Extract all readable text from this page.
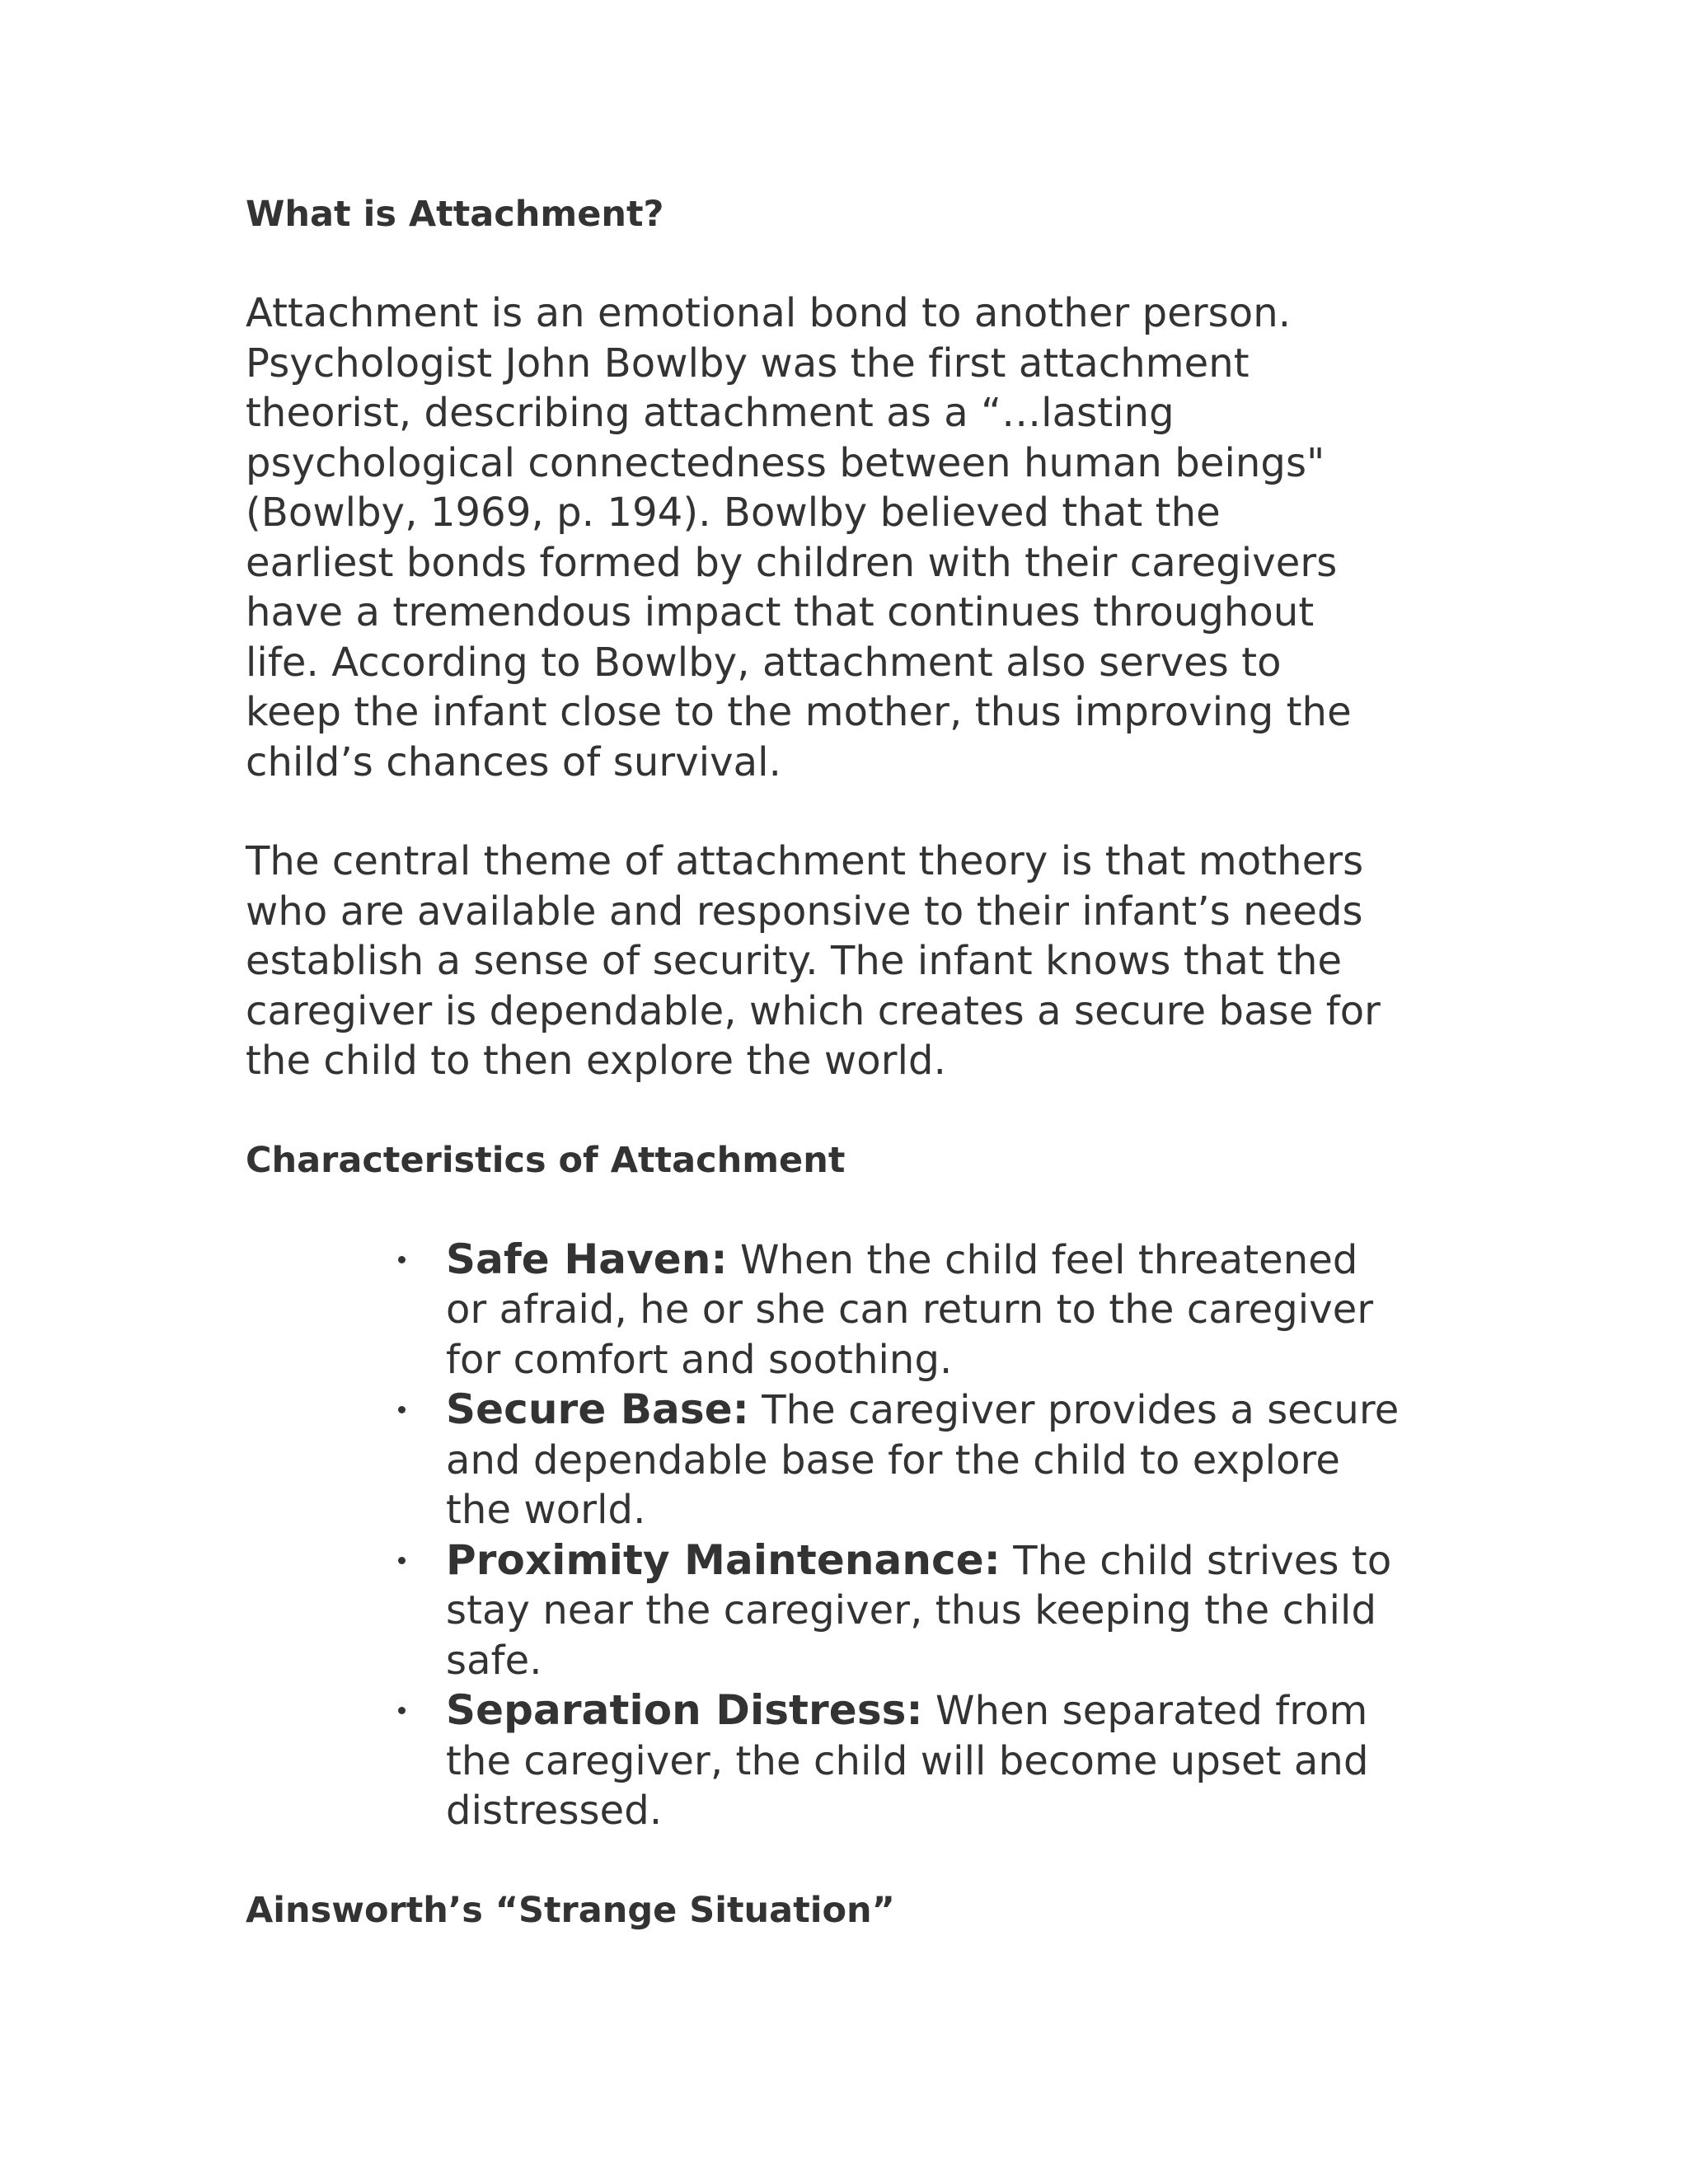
What is Attachment?

Attachment is an emotional bond to another person.
Psychologist John Bowlby was the first attachment
theorist, describing attachment as a “…lasting
psychological connectedness between human beings"
(Bowlby, 1969, p. 194). Bowlby believed that the
earliest bonds formed by children with their caregivers
have a tremendous impact that continues throughout
life. According to Bowlby, attachment also serves to
keep the infant close to the mother, thus improving the
child’s chances of survival.

The central theme of attachment theory is that mothers
who are available and responsive to their infant’s needs
establish a sense of security. The infant knows that the
caregiver is dependable, which creates a secure base for
the child to then explore the world.

Characteristics of Attachment
Safe Haven: When the child feel threatened
or afraid, he or she can return to the caregiver
for comfort and soothing.
Secure Base: The caregiver provides a secure
and dependable base for the child to explore
the world.
Proximity Maintenance: The child strives to
stay near the caregiver, thus keeping the child
safe.
Separation Distress: When separated from
the caregiver, the child will become upset and
distressed.
Ainsworth’s “Strange Situation”
